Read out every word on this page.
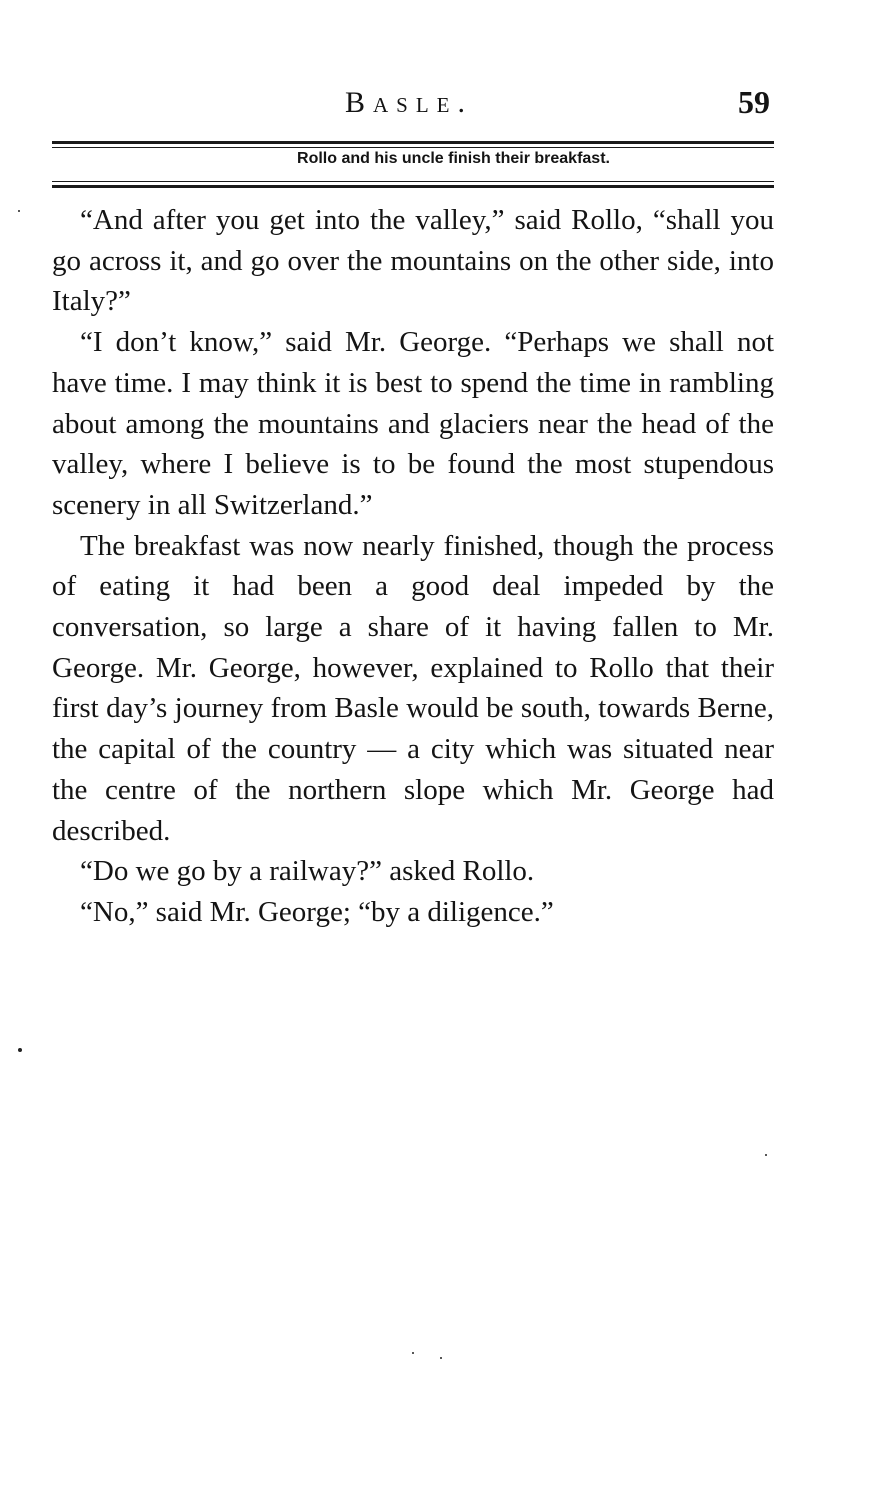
Basle.	59
Rollo and his uncle finish their breakfast.

“And after you get into the valley,” said Rollo, “shall you go across it, and go over the mountains on the other side, into Italy?”

“I don’t know,” said Mr. George. “Perhaps we shall not have time. I may think it is best to spend the time in rambling about among the mountains and glaciers near the head of the valley, where I believe is to be found the most stupendous scenery in all Switzerland.”

The breakfast was now nearly finished, though the process of eating it had been a good deal impeded by the conversation, so large a share of it having fallen to Mr. George. Mr. George, however, explained to Rollo that their first day’s journey from Basle would be south, towards Berne, the capital of the country — a city which was situated near the centre of the northern slope which Mr. George had described.

“Do we go by a railway?” asked Rollo.

“No,” said Mr. George; “by a diligence.”
